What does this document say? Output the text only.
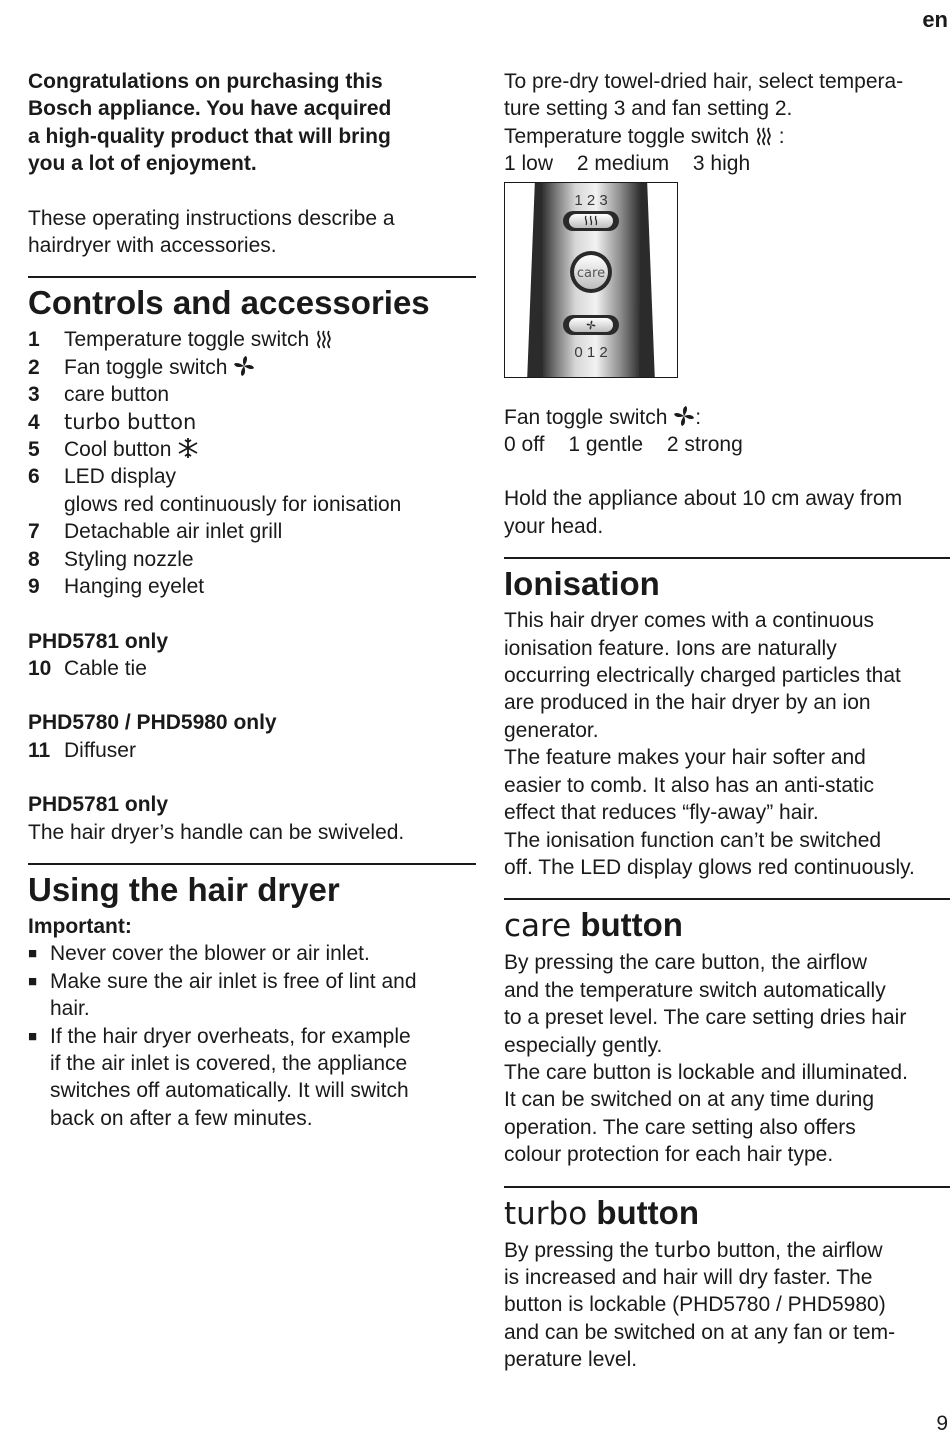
en

Congratulations on purchasing this

Bosch appliance. You have acquired

a high-quality product that will bring

you a lot of enjoyment.

These operating instructions describe a

hairdryer with accessories.

Controls and accessories
1	Temperature toggle switch
2	Fan toggle switch
3	care button
4	turbo button
5	Cool button
6	LED display
glows red continuously for ionisation
7	Detachable air inlet grill
8	Styling nozzle
9	Hanging eyelet

PHD5781 only

10 Cable tie

PHD5780 / PHD5980 only

11 Diffuser

PHD5781 only

The hair dryer’s handle can be swiveled.

Using the hair dryer

Important:

■ Never cover the blower or air inlet.

■ Make sure the air inlet is free of lint and

hair.

■ If the hair dryer overheats, for example

if the air inlet is covered, the appliance

switches off automatically. It will switch

back on after a few minutes.

To pre-dry towel-dried hair, select tempera-

ture setting 3 and fan setting 2.

Temperature toggle switch  :

1 low 2 medium 3 high

1 2 3
care
0 1 2

Fan toggle switch :

0 off 1 gentle 2 strong

Hold the appliance about 10 cm away from

your head.

Ionisation

This hair dryer comes with a continuous

ionisation feature. Ions are naturally

occurring electrically charged particles that

are produced in the hair dryer by an ion

generator.

The feature makes your hair softer and

easier to comb. It also has an anti-static

effect that reduces “fly-away” hair.

The ionisation function can’t be switched

off. The LED display glows red continuously.

care button

By pressing the care button, the airflow

and the temperature switch automatically

to a preset level. The care setting dries hair

especially gently.

The care button is lockable and illuminated.

It can be switched on at any time during

operation. The care setting also offers

colour protection for each hair type.

turbo button

By pressing the turbo button, the airflow

is increased and hair will dry faster. The

button is lockable (PHD5780 / PHD5980)

and can be switched on at any fan or tem-

perature level.

9
